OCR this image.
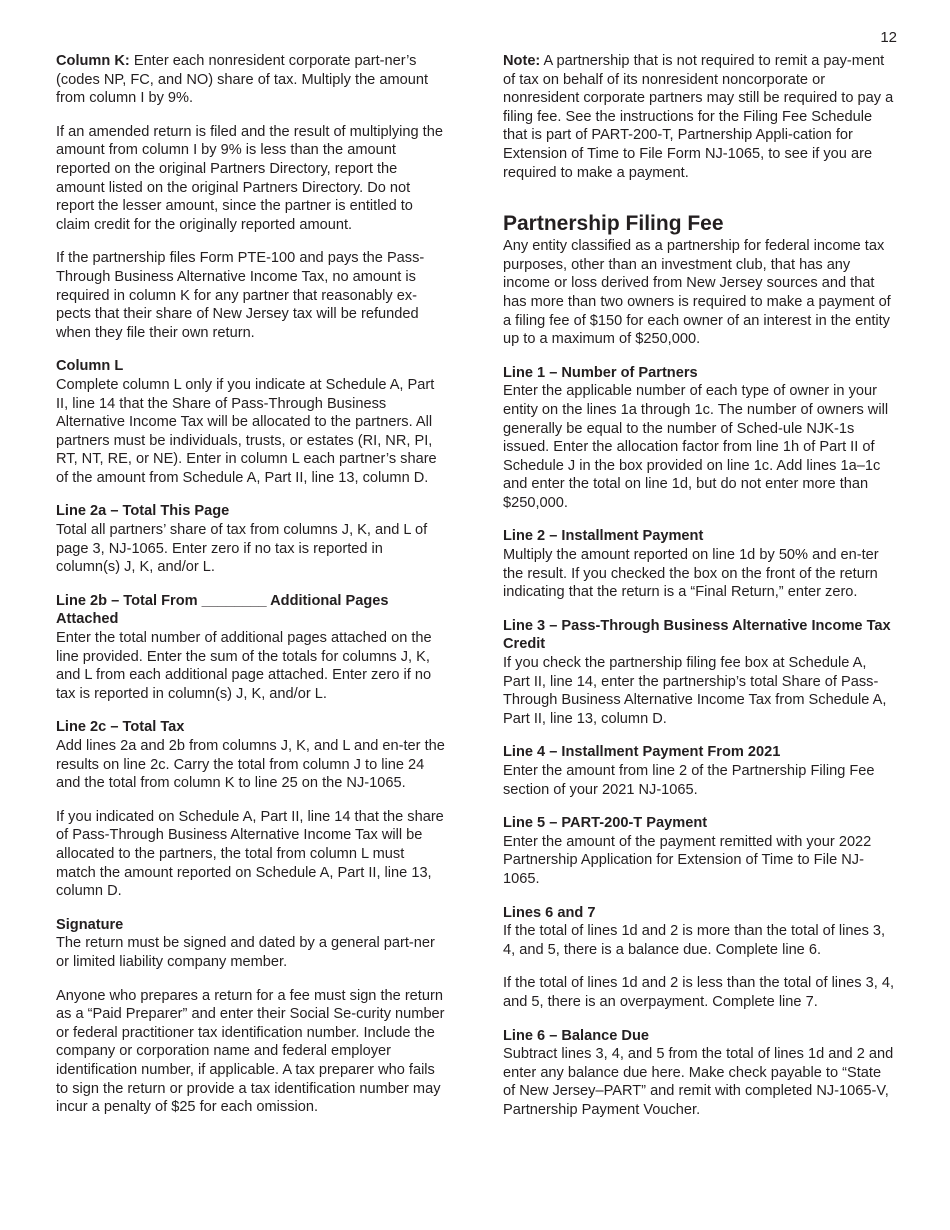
12

Column K: Enter each nonresident corporate part-ner’s (codes NP, FC, and NO) share of tax. Multiply the amount from column I by 9%.

If an amended return is filed and the result of multiplying the amount from column I by 9% is less than the amount reported on the original Partners Directory, report the amount listed on the original Partners Directory. Do not report the lesser amount, since the partner is entitled to claim credit for the originally reported amount.

If the partnership files Form PTE-100 and pays the Pass-Through Business Alternative Income Tax, no amount is required in column K for any partner that reasonably ex-pects that their share of New Jersey tax will be refunded when they file their own return.

Column L

Complete column L only if you indicate at Schedule A, Part II, line 14 that the Share of Pass-Through Business Alternative Income Tax will be allocated to the partners. All partners must be individuals, trusts, or estates (RI, NR, PI, RT, NT, RE, or NE). Enter in column L each partner’s share of the amount from Schedule A, Part II, line 13, column D.

Line 2a – Total This Page

Total all partners’ share of tax from columns J, K, and L of page 3, NJ-1065. Enter zero if no tax is reported in column(s) J, K, and/or L.

Line 2b – Total From ________ Additional Pages Attached

Enter the total number of additional pages attached on the line provided. Enter the sum of the totals for columns J, K, and L from each additional page attached. Enter zero if no tax is reported in column(s) J, K, and/or L.

Line 2c – Total Tax

Add lines 2a and 2b from columns J, K, and L and en-ter the results on line 2c. Carry the total from column J to line 24 and the total from column K to line 25 on the NJ-1065.

If you indicated on Schedule A, Part II, line 14 that the share of Pass-Through Business Alternative Income Tax will be allocated to the partners, the total from column L must match the amount reported on Schedule A, Part II, line 13, column D.

Signature

The return must be signed and dated by a general part-ner or limited liability company member.

Anyone who prepares a return for a fee must sign the return as a “Paid Preparer” and enter their Social Se-curity number or federal practitioner tax identification number. Include the company or corporation name and federal employer identification number, if applicable. A tax preparer who fails to sign the return or provide a tax identification number may incur a penalty of $25 for each omission.

Note: A partnership that is not required to remit a pay-ment of tax on behalf of its nonresident noncorporate or nonresident corporate partners may still be required to pay a filing fee. See the instructions for the Filing Fee Schedule that is part of PART-200-T, Partnership Appli-cation for Extension of Time to File Form NJ-1065, to see if you are required to make a payment.

Partnership Filing Fee

Any entity classified as a partnership for federal income tax purposes, other than an investment club, that has any income or loss derived from New Jersey sources and that has more than two owners is required to make a payment of a filing fee of $150 for each owner of an interest in the entity up to a maximum of $250,000.

Line 1 – Number of Partners

Enter the applicable number of each type of owner in your entity on the lines 1a through 1c. The number of owners will generally be equal to the number of Sched-ule NJK-1s issued. Enter the allocation factor from line 1h of Part II of Schedule J in the box provided on line 1c. Add lines 1a–1c and enter the total on line 1d, but do not enter more than $250,000.

Line 2 – Installment Payment

Multiply the amount reported on line 1d by 50% and en-ter the result. If you checked the box on the front of the return indicating that the return is a “Final Return,” enter zero.

Line 3 – Pass-Through Business Alternative Income Tax Credit

If you check the partnership filing fee box at Schedule A, Part II, line 14, enter the partnership’s total Share of Pass-Through Business Alternative Income Tax from Schedule A, Part II, line 13, column D.

Line 4 – Installment Payment From 2021

Enter the amount from line 2 of the Partnership Filing Fee section of your 2021 NJ-1065.

Line 5 – PART-200-T Payment

Enter the amount of the payment remitted with your 2022 Partnership Application for Extension of Time to File NJ-1065.

Lines 6 and 7

If the total of lines 1d and 2 is more than the total of lines 3, 4, and 5, there is a balance due. Complete line 6.

If the total of lines 1d and 2 is less than the total of lines 3, 4, and 5, there is an overpayment. Complete line 7.

Line 6 – Balance Due

Subtract lines 3, 4, and 5 from the total of lines 1d and 2 and enter any balance due here. Make check payable to “State of New Jersey–PART” and remit with completed NJ-1065-V, Partnership Payment Voucher.
